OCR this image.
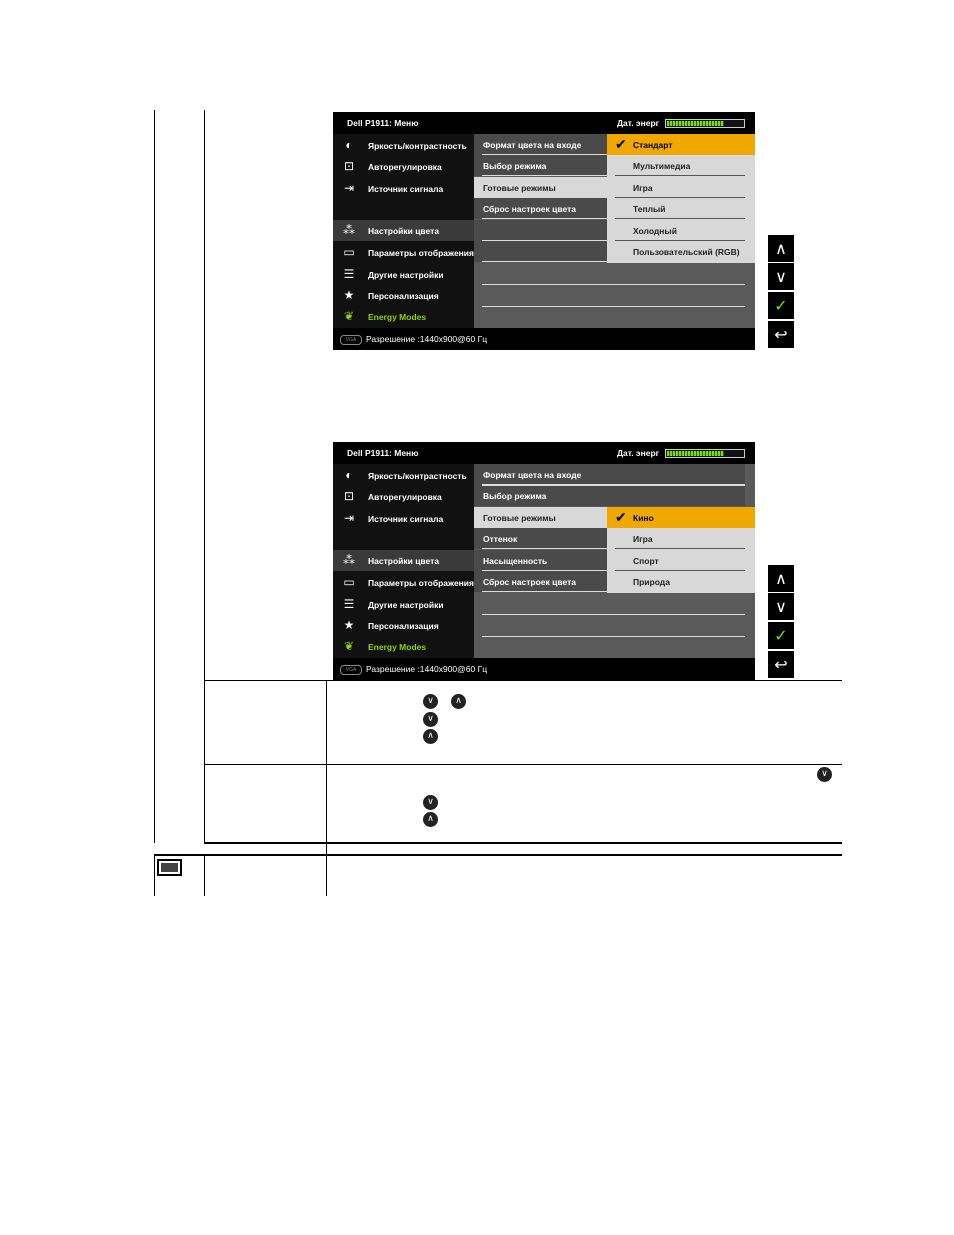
Dell P1911: Меню	Дат. энерг
◐	Яркость/контрастность
⊡	Авторегулировка
⇥	Источник сигнала
⁂ Настройки цвета
▭ Параметры отображения
☰	Другие настройки
★	Персонализация
❦	Energy Modes
Формат цвета на входе
Выбор режима
Готовые режимы
Сброс настроек цвета
✔ Стандарт
Мультимедиа
Игра
Теплый
Холодный
Пользовательский (RGB)
VGA	Разрешение :1440x900@60 Гц
∧
∨
✓
↩
Dell P1911: Меню	Дат. энерг
◐	Яркость/контрастность
⊡	Авторегулировка
⇥	Источник сигнала
⁂ Настройки цвета
▭ Параметры отображения
☰	Другие настройки
★	Персонализация
❦	Energy Modes
Формат цвета на входе
Выбор режима
Готовые режимы
Оттенок
Насыщенность
Сброс настроек цвета
✔ Кино
Игра
Спорт
Природа
VGA	Разрешение :1440x900@60 Гц
∧
∨
✓
↩
∨	∧
∨
∧
∨
∨
∧
